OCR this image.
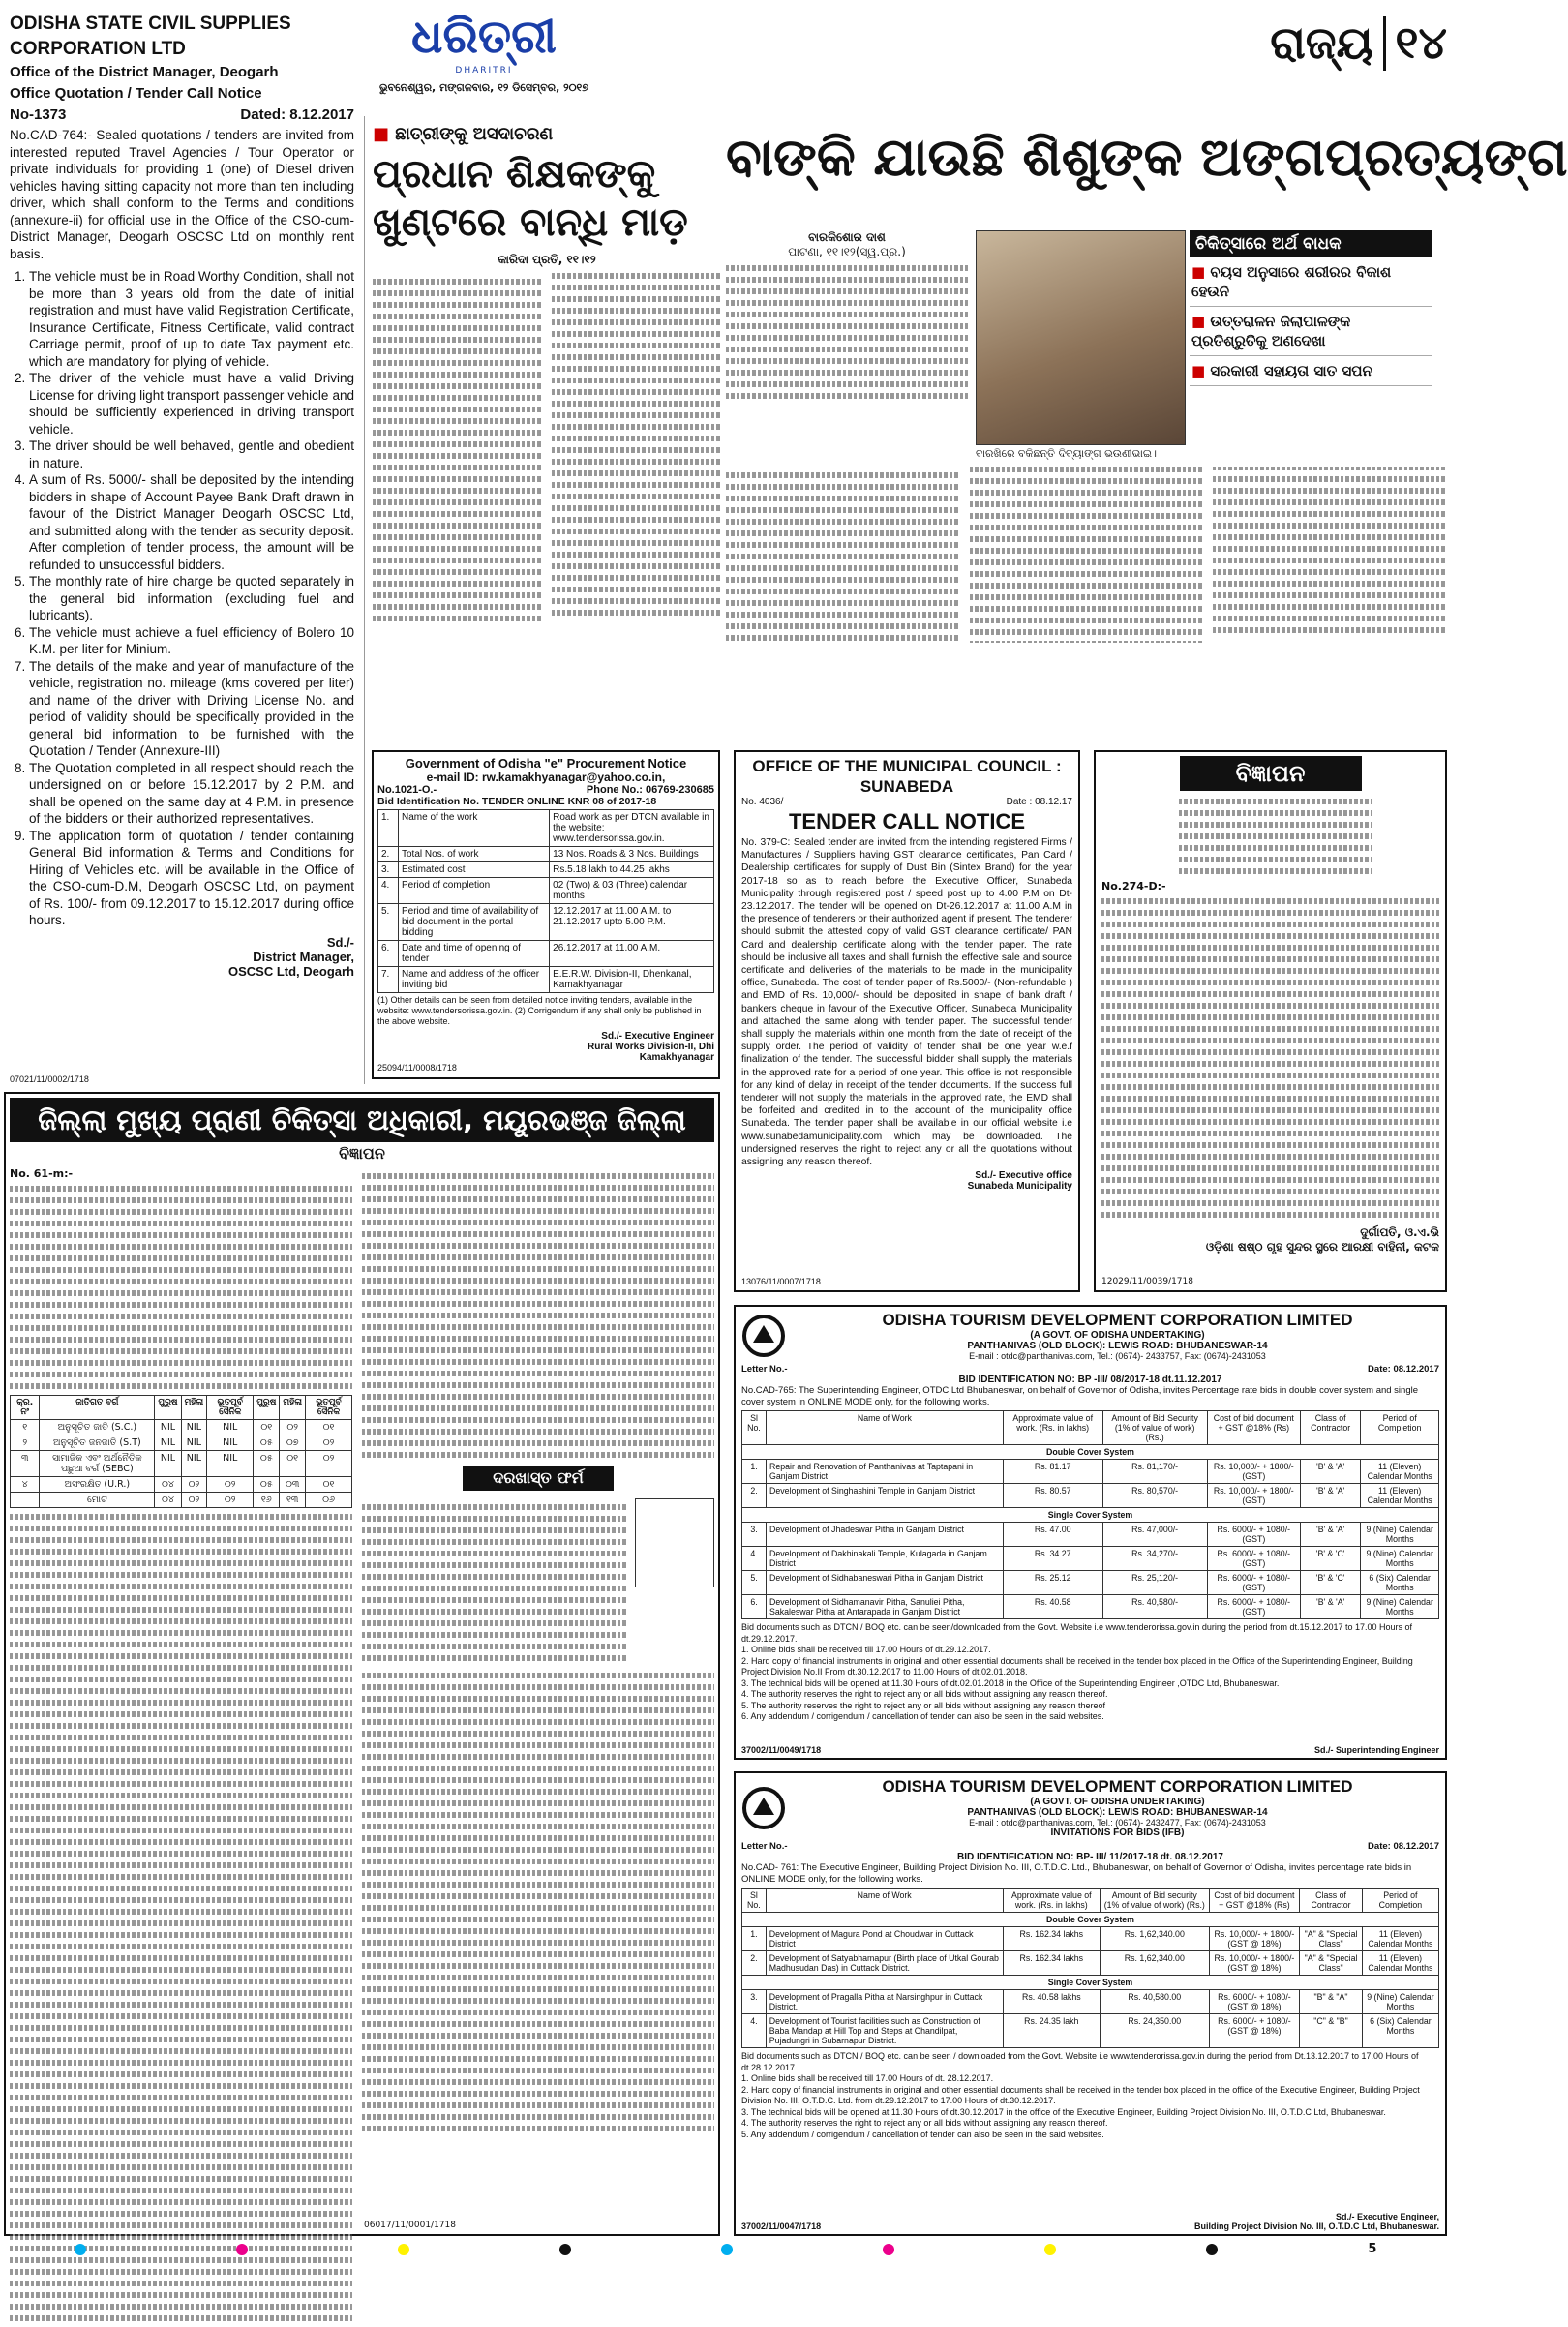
ଧରିତ୍ରୀ
DHARITRI
ଭୁବନେଶ୍ୱର, ମଙ୍ଗଳବାର, ୧୨ ଡିସେମ୍ବର, ୨୦୧୭
ରାଜ୍ୟ ୧୪
ODISHA STATE CIVIL SUPPLIES CORPORATION LTD
Office of the District Manager, Deogarh
Office Quotation / Tender Call Notice
No-1373	Dated: 8.12.2017

No.CAD-764:- Sealed quotations / tenders are invited from interested reputed Travel Agencies / Tour Operator or private individuals for providing 1 (one) of Diesel driven vehicles having sitting capacity not more than ten including driver, which shall conform to the Terms and conditions (annexure-ii) for official use in the Office of the CSO-cum-District Manager, Deogarh OSCSC Ltd on monthly rent basis.

1. The vehicle must be in Road Worthy Condition, shall not be more than 3 years old from the date of initial registration and must have valid Registration Certificate, Insurance Certificate, Fitness Certificate, valid contract Carriage permit, proof of up to date Tax payment etc. which are mandatory for plying of vehicle.
2. The driver of the vehicle must have a valid Driving License for driving light transport passenger vehicle and should be sufficiently experienced in driving transport vehicle.
3. The driver should be well behaved, gentle and obedient in nature.
4. A sum of Rs. 5000/- shall be deposited by the intending bidders in shape of Account Payee Bank Draft drawn in favour of the District Manager Deogarh OSCSC Ltd, and submitted along with the tender as security deposit. After completion of tender process, the amount will be refunded to unsuccessful bidders.
5. The monthly rate of hire charge be quoted separately in the general bid information (excluding fuel and lubricants).
6. The vehicle must achieve a fuel efficiency of Bolero 10 K.M. per liter for Minium.
7. The details of the make and year of manufacture of the vehicle, registration no. mileage (kms covered per liter) and name of the driver with Driving License No. and period of validity should be specifically provided in the general bid information to be furnished with the Quotation / Tender (Annexure-III)
8. The Quotation completed in all respect should reach the undersigned on or before 15.12.2017 by 2 P.M. and shall be opened on the same day at 4 P.M. in presence of the bidders or their authorized representatives.
9. The application form of quotation / tender containing General Bid information & Terms and Conditions for Hiring of Vehicles etc. will be available in the Office of the CSO-cum-D.M, Deogarh OSCSC Ltd, on payment of Rs. 100/- from 09.12.2017 to 15.12.2017 during office hours.
Sd./-
District Manager,
OSCSC Ltd, Deogarh
07021/11/0002/1718
■ ଛାତ୍ରୀଙ୍କୁ ଅସଦାଚରଣ
ପ୍ରଧାନ ଶିକ୍ଷକଙ୍କୁ ଖୁଣ୍ଟରେ ବାନ୍ଧି ମାଡ଼
କାରିଦା ପ୍ରତି, ୧୧।୧୨
ବାଙ୍କି ଯାଉଛି ଶିଶୁଙ୍କ ଅଙ୍ଗପ୍ରତ୍ୟଙ୍ଗ
ବାରକିଶୋର ଦାଶ
ପାଟଣା, ୧୧।୧୨(ସ୍ୱ.ପ୍ର.)	ଚିକିତ୍ସାରେ ଅର୍ଥ ବାଧକ
■ ବୟସ ଅନୁସାରେ ଶରୀରର ବିକାଶ ହେଉନି
■ ଉତ୍ତରାଳନ ଜିଲାପାଳଙ୍କ ପ୍ରତିଶ୍ରୁତିକୁ ଅଣଦେଖା
■ ସରକାରୀ ସହାୟତା ସାତ ସପନ
ବାରଖିରେ ବକିଛନ୍ତି ଦିବ୍ୟାଙ୍ଗ ଭଉଣୀଭାଇ।
Government of Odisha "e" Procurement Notice
e-mail ID: rw.kamakhyanagar@yahoo.co.in,
No.1021-O.-	Phone No.: 06769-230685
Bid Identification No. TENDER ONLINE KNR 08 of 2017-18
1.	Name of the work	Road work as per DTCN available in the website: www.tendersorissa.gov.in.
2.	Total Nos. of work	13 Nos. Roads & 3 Nos. Buildings
3.	Estimated cost	Rs.5.18 lakh to 44.25 lakhs
4.	Period of completion	02 (Two) & 03 (Three) calendar months
5.	Period and time of availability of bid document in the portal bidding	12.12.2017 at 11.00 A.M. to 21.12.2017 upto 5.00 P.M.
6.	Date and time of opening of tender	26.12.2017 at 11.00 A.M.
7.	Name and address of the officer inviting bid	E.E.R.W. Division-II, Dhenkanal, Kamakhyanagar
(1) Other details can be seen from detailed notice inviting tenders, available in the website: www.tendersorissa.gov.in. (2) Corrigendum if any shall only be published in the above website.
Sd./- Executive Engineer
Rural Works Division-II, Dhi
Kamakhyanagar
25094/11/0008/1718
OFFICE OF THE MUNICIPAL COUNCIL : SUNABEDA
No. 4036/	Date : 08.12.17
TENDER CALL NOTICE

No. 379-C: Sealed tender are invited from the intending registered Firms / Manufactures / Suppliers having GST clearance certificates, Pan Card / Dealership certificates for supply of Dust Bin (Sintex Brand) for the year 2017-18 so as to reach before the Executive Officer, Sunabeda Municipality through registered post / speed post up to 4.00 P.M on Dt-23.12.2017. The tender will be opened on Dt-26.12.2017 at 11.00 A.M in the presence of tenderers or their authorized agent if present. The tenderer should submit the attested copy of valid GST clearance certificate/ PAN Card and dealership certificate along with the tender paper. The rate should be inclusive all taxes and shall furnish the effective sale and source certificate and deliveries of the materials to be made in the municipality office, Sunabeda. The cost of tender paper of Rs.5000/- (Non-refundable ) and EMD of Rs. 10,000/- should be deposited in shape of bank draft / bankers cheque in favour of the Executive Officer, Sunabeda Municipality and attached the same along with tender paper. The successful tender shall supply the materials within one month from the date of receipt of the supply order. The period of validity of tender shall be one year w.e.f finalization of the tender. The successful bidder shall supply the materials in the approved rate for a period of one year. This office is not responsible for any kind of delay in receipt of the tender documents. If the success full tenderer will not supply the materials in the approved rate, the EMD shall be forfeited and credited in to the account of the municipality office Sunabeda. The tender paper shall be available in our official website i.e www.sunabedamunicipality.com which may be downloaded. The undersigned reserves the right to reject any or all the quotations without assigning any reason thereof.

Sd./- Executive office
Sunabeda Municipality
13076/11/0007/1718
ବିଜ୍ଞାପନ
No.274-D:-
ଦୁର୍ଗାପତି, ଓ.ଏ.ଭି
ଓଡ଼ିଶା ଷଷ୍ଠ ଗୃହ ସୁନ୍ଦର ସ୍ଥରେ ଆରକ୍ଷୀ ବାହିନୀ, କଟକ
12029/11/0039/1718
ଜିଲ୍ଲା ମୁଖ୍ୟ ପ୍ରାଣୀ ଚିକିତ୍ସା ଅଧିକାରୀ, ମୟୂରଭଞ୍ଜ ଜିଲ୍ଲା
ବିଜ୍ଞାପନ
No. 61-m:-
କ୍ର. ନଂ	ଜାତିଗତ ବର୍ଗ	ପୁରୁଷ	ମହିଳା	ଭୂତପୂର୍ବ ସୈନିକ	ପୁରୁଷ	ମହିଳା	ଭୂତପୂର୍ବ ସୈନିକ
୧	ଅନୁସୂଚିତ ଜାତି (S.C.)	NIL	NIL	NIL	୦୧	୦୨	୦୧
୨	ଅନୁସୂଚିତ ଜନଜାତି (S.T)	NIL	NIL	NIL	୦୫	୦୭	୦୨
୩	ସାମାଜିକ ଏବଂ ଅର୍ଥନୈତିକ ପଛୁଆ ବର୍ଗ (SEBC)	NIL	NIL	NIL	୦୫	୦୧	୦୨
୪	ଅସଂରକ୍ଷିତ (U.R.)	୦୪	୦୨	୦୨	୦୫	୦୩	୦୧
	ମୋଟ	୦୪	୦୨	୦୨	୧୬	୧୩	୦୬
ଦରଖାସ୍ତ ଫର୍ମ
06017/11/0001/1718
ODISHA TOURISM DEVELOPMENT CORPORATION LIMITED
(A GOVT. OF ODISHA UNDERTAKING)
PANTHANIVAS (OLD BLOCK): LEWIS ROAD: BHUBANESWAR-14
E-mail : otdc@panthanivas.com, Tel.: (0674)- 2433757, Fax: (0674)-2431053
Letter No.-	Date: 08.12.2017
BID IDENTIFICATION NO: BP -III/ 08/2017-18 dt.11.12.2017
No.CAD-765: The Superintending Engineer, OTDC Ltd Bhubaneswar, on behalf of Governor of Odisha, invites Percentage rate bids in double cover system and single cover system in ONLINE MODE only, for the following works.
Sl No.	Name of Work	Approximate value of work. (Rs. in lakhs)	Amount of Bid Security (1% of value of work) (Rs.)	Cost of bid document + GST @18% (Rs)	Class of Contractor	Period of Completion
Double Cover System						
1.	Repair and Renovation of Panthanivas at Taptapani in Ganjam District	Rs. 81.17	Rs. 81,170/-	Rs. 10,000/- + 1800/- (GST)	'B' & 'A'	11 (Eleven) Calendar Months
2.	Development of Singhashini Temple in Ganjam District	Rs. 80.57	Rs. 80,570/-	Rs. 10,000/- + 1800/- (GST)	'B' & 'A'	11 (Eleven) Calendar Months
Single Cover System						
3.	Development of Jhadeswar Pitha in Ganjam District	Rs. 47.00	Rs. 47,000/-	Rs. 6000/- + 1080/- (GST)	'B' & 'A'	9 (Nine) Calendar Months
4.	Development of Dakhinakali Temple, Kulagada in Ganjam District	Rs. 34.27	Rs. 34,270/-	Rs. 6000/- + 1080/- (GST)	'B' & 'C'	9 (Nine) Calendar Months
5.	Development of Sidhabaneswari Pitha in Ganjam District	Rs. 25.12	Rs. 25,120/-	Rs. 6000/- + 1080/- (GST)	'B' & 'C'	6 (Six) Calendar Months
6.	Development of Sidhamanavir Pitha, Sanuliei Pitha, Sakaleswar Pitha at Antarapada in Ganjam District	Rs. 40.58	Rs. 40,580/-	Rs. 6000/- + 1080/- (GST)	'B' & 'A'	9 (Nine) Calendar Months
Bid documents such as DTCN / BOQ etc. can be seen/downloaded from the Govt. Website i.e www.tenderorissa.gov.in during the period from dt.15.12.2017 to 17.00 Hours of dt.29.12.2017.
1. Online bids shall be received till 17.00 Hours of dt.29.12.2017.
2. Hard copy of financial instruments in original and other essential documents shall be received in the tender box placed in the Office of the Superintending Engineer, Building Project Division No.II From dt.30.12.2017 to 11.00 Hours of dt.02.01.2018.
3. The technical bids will be opened at 11.30 Hours of dt.02.01.2018 in the Office of the Superintending Engineer ,OTDC Ltd, Bhubaneswar.
4. The authority reserves the right to reject any or all bids without assigning any reason thereof.
5. The authority reserves the right to reject any or all bids without assigning any reason thereof
6. Any addendum / corrigendum / cancellation of tender can also be seen in the said websites.
37002/11/0049/1718	Sd./- Superintending Engineer
ODISHA TOURISM DEVELOPMENT CORPORATION LIMITED
(A GOVT. OF ODISHA UNDERTAKING)
PANTHANIVAS (OLD BLOCK): LEWIS ROAD: BHUBANESWAR-14
E-mail : otdc@panthanivas.com, Tel.: (0674)- 2432477, Fax: (0674)-2431053
INVITATIONS FOR BIDS (IFB)
Letter No.-	Date: 08.12.2017
BID IDENTIFICATION NO: BP- III/ 11/2017-18 dt. 08.12.2017
No.CAD- 761: The Executive Engineer, Building Project Division No. III, O.T.D.C. Ltd., Bhubaneswar, on behalf of Governor of Odisha, invites percentage rate bids in ONLINE MODE only, for the following works.
Sl No.	Name of Work	Approximate value of work. (Rs. in lakhs)	Amount of Bid security (1% of value of work) (Rs.)	Cost of bid document + GST @18% (Rs)	Class of Contractor	Period of Completion
Double Cover System						
1.	Development of Magura Pond at Choudwar in Cuttack District	Rs. 162.34 lakhs	Rs. 1,62,340.00	Rs. 10,000/- + 1800/- (GST @ 18%)	"A" & "Special Class"	11 (Eleven) Calendar Months
2.	Development of Satyabhamapur (Birth place of Utkal Gourab Madhusudan Das) in Cuttack District.	Rs. 162.34 lakhs	Rs. 1,62,340.00	Rs. 10,000/- + 1800/- (GST @ 18%)	"A" & "Special Class"	11 (Eleven) Calendar Months
Single Cover System						
3.	Development of Pragalla Pitha at Narsinghpur in Cuttack District.	Rs. 40.58 lakhs	Rs. 40,580.00	Rs. 6000/- + 1080/- (GST @ 18%)	"B" & "A"	9 (Nine) Calendar Months
4.	Development of Tourist facilities such as Construction of Baba Mandap at Hill Top and Steps at Chandilpat, Pujadungri in Subarnapur District.	Rs. 24.35 lakh	Rs. 24,350.00	Rs. 6000/- + 1080/- (GST @ 18%)	"C" & "B"	6 (Six) Calendar Months
Bid documents such as DTCN / BOQ etc. can be seen / downloaded from the Govt. Website i.e www.tenderorissa.gov.in during the period from Dt.13.12.2017 to 17.00 Hours of dt.28.12.2017.
1. Online bids shall be received till 17.00 Hours of dt. 28.12.2017.
2. Hard copy of financial instruments in original and other essential documents shall be received in the tender box placed in the office of the Executive Engineer, Building Project Division No. III, O.T.D.C. Ltd. from dt.29.12.2017 to 17.00 Hours of dt.30.12.2017.
3. The technical bids will be opened at 11.30 Hours of dt.30.12.2017 in the office of the Executive Engineer, Building Project Division No. III, O.T.D.C Ltd, Bhubaneswar.
4. The authority reserves the right to reject any or all bids without assigning any reason thereof.
5. Any addendum / corrigendum / cancellation of tender can also be seen in the said websites.
37002/11/0047/1718
Sd./- Executive Engineer,
Building Project Division No. III, O.T.D.C Ltd, Bhubaneswar.
5
